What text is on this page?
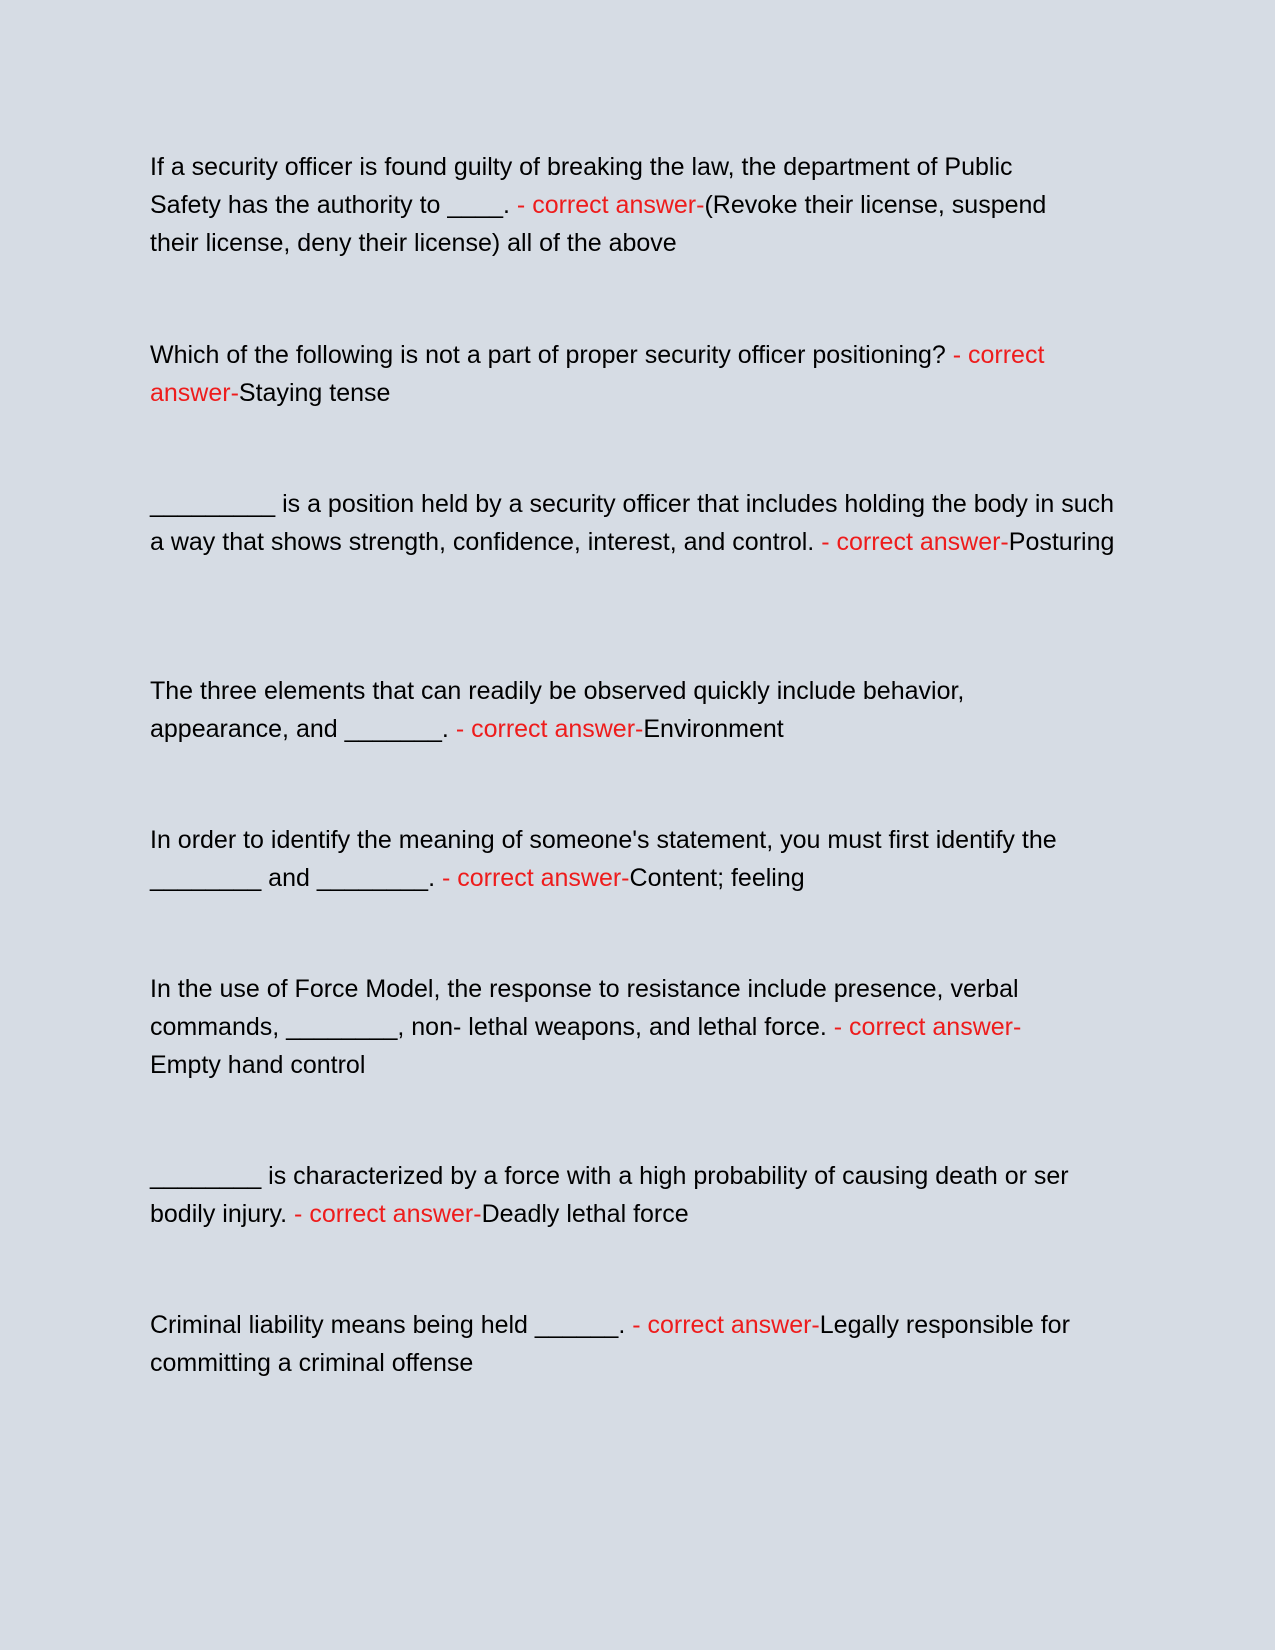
If a security officer is found guilty of breaking the law, the department of Public Safety has the authority to ____. - correct answer-(Revoke their license, suspend their license, deny their license) all of the above

Which of the following is not a part of proper security officer positioning? - correct answer-Staying tense

_________ is a position held by a security officer that includes holding the body in such a way that shows strength, confidence, interest, and control. - correct answer-Posturing

The three elements that can readily be observed quickly include behavior, appearance, and _______. - correct answer-Environment

In order to identify the meaning of someone's statement, you must first identify the ________ and ________. - correct answer-Content; feeling

In the use of Force Model, the response to resistance include presence, verbal commands, ________, non- lethal weapons, and lethal force. - correct answer-Empty hand control

________ is characterized by a force with a high probability of causing death or ser bodily injury. - correct answer-Deadly lethal force

Criminal liability means being held ______. - correct answer-Legally responsible for committing a criminal offense
